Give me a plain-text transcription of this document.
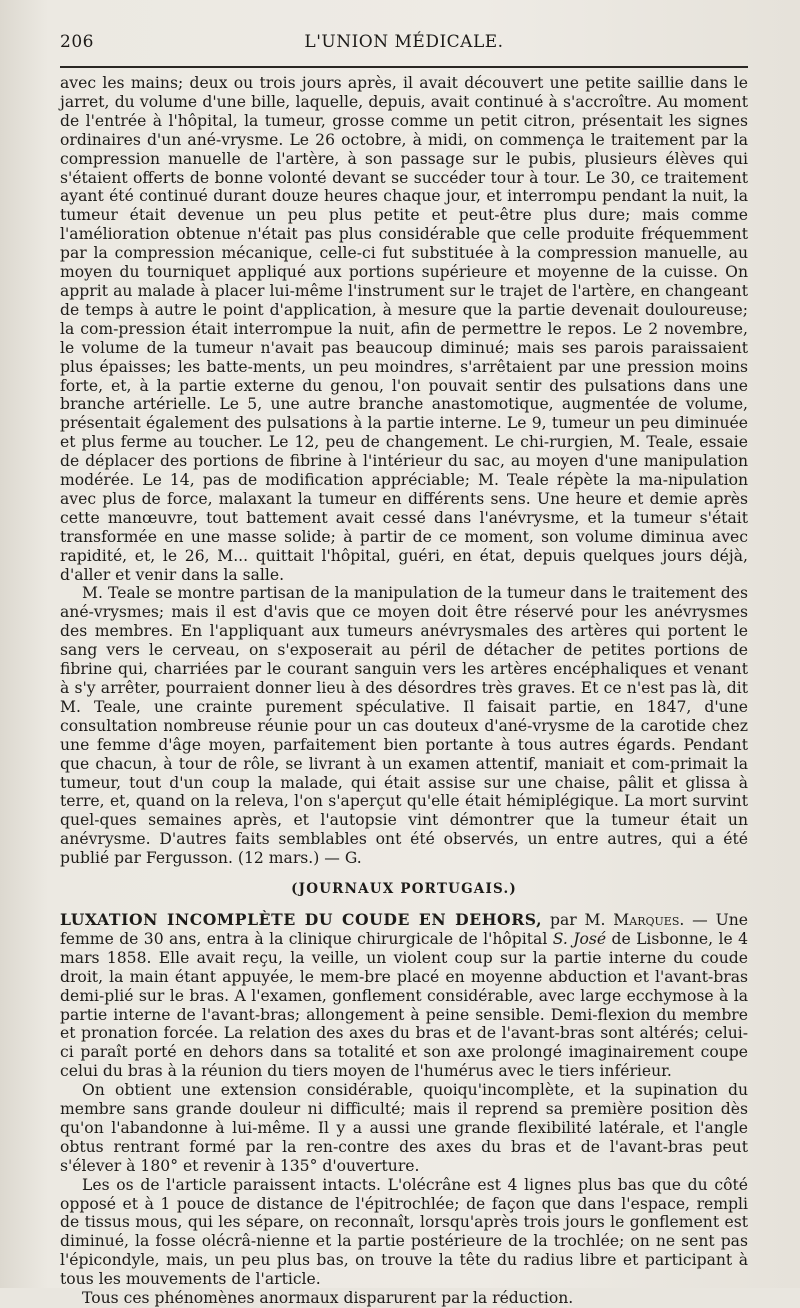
206	L'UNION MÉDICALE.

avec les mains; deux ou trois jours après, il avait découvert une petite saillie dans le jarret, du volume d'une bille, laquelle, depuis, avait continué à s'accroître. Au moment de l'entrée à l'hôpital, la tumeur, grosse comme un petit citron, présentait les signes ordinaires d'un ané-vrysme. Le 26 octobre, à midi, on commença le traitement par la compression manuelle de l'artère, à son passage sur le pubis, plusieurs élèves qui s'étaient offerts de bonne volonté devant se succéder tour à tour. Le 30, ce traitement ayant été continué durant douze heures chaque jour, et interrompu pendant la nuit, la tumeur était devenue un peu plus petite et peut-être plus dure; mais comme l'amélioration obtenue n'était pas plus considérable que celle produite fréquemment par la compression mécanique, celle-ci fut substituée à la compression manuelle, au moyen du tourniquet appliqué aux portions supérieure et moyenne de la cuisse. On apprit au malade à placer lui-même l'instrument sur le trajet de l'artère, en changeant de temps à autre le point d'application, à mesure que la partie devenait douloureuse; la com-pression était interrompue la nuit, afin de permettre le repos. Le 2 novembre, le volume de la tumeur n'avait pas beaucoup diminué; mais ses parois paraissaient plus épaisses; les batte-ments, un peu moindres, s'arrêtaient par une pression moins forte, et, à la partie externe du genou, l'on pouvait sentir des pulsations dans une branche artérielle. Le 5, une autre branche anastomotique, augmentée de volume, présentait également des pulsations à la partie interne. Le 9, tumeur un peu diminuée et plus ferme au toucher. Le 12, peu de changement. Le chi-rurgien, M. Teale, essaie de déplacer des portions de fibrine à l'intérieur du sac, au moyen d'une manipulation modérée. Le 14, pas de modification appréciable; M. Teale répète la ma-nipulation avec plus de force, malaxant la tumeur en différents sens. Une heure et demie après cette manœuvre, tout battement avait cessé dans l'anévrysme, et la tumeur s'était transformée en une masse solide; à partir de ce moment, son volume diminua avec rapidité, et, le 26, M... quittait l'hôpital, guéri, en état, depuis quelques jours déjà, d'aller et venir dans la salle.

M. Teale se montre partisan de la manipulation de la tumeur dans le traitement des ané-vrysmes; mais il est d'avis que ce moyen doit être réservé pour les anévrysmes des membres. En l'appliquant aux tumeurs anévrysmales des artères qui portent le sang vers le cerveau, on s'exposerait au péril de détacher de petites portions de fibrine qui, charriées par le courant sanguin vers les artères encéphaliques et venant à s'y arrêter, pourraient donner lieu à des désordres très graves. Et ce n'est pas là, dit M. Teale, une crainte purement spéculative. Il faisait partie, en 1847, d'une consultation nombreuse réunie pour un cas douteux d'ané-vrysme de la carotide chez une femme d'âge moyen, parfaitement bien portante à tous autres égards. Pendant que chacun, à tour de rôle, se livrant à un examen attentif, maniait et com-primait la tumeur, tout d'un coup la malade, qui était assise sur une chaise, pâlit et glissa à terre, et, quand on la releva, l'on s'aperçut qu'elle était hémiplégique. La mort survint quel-ques semaines après, et l'autopsie vint démontrer que la tumeur était un anévrysme. D'autres faits semblables ont été observés, un entre autres, qui a été publié par Fergusson. (12 mars.) — G.

(JOURNAUX PORTUGAIS.)

LUXATION INCOMPLÈTE DU COUDE EN DEHORS, par M. Marques. — Une femme de 30 ans, entra à la clinique chirurgicale de l'hôpital S. José de Lisbonne, le 4 mars 1858. Elle avait reçu, la veille, un violent coup sur la partie interne du coude droit, la main étant appuyée, le mem-bre placé en moyenne abduction et l'avant-bras demi-plié sur le bras. A l'examen, gonflement considérable, avec large ecchymose à la partie interne de l'avant-bras; allongement à peine sensible. Demi-flexion du membre et pronation forcée. La relation des axes du bras et de l'avant-bras sont altérés; celui-ci paraît porté en dehors dans sa totalité et son axe prolongé imaginairement coupe celui du bras à la réunion du tiers moyen de l'humérus avec le tiers inférieur.

On obtient une extension considérable, quoiqu'incomplète, et la supination du membre sans grande douleur ni difficulté; mais il reprend sa première position dès qu'on l'abandonne à lui-même. Il y a aussi une grande flexibilité latérale, et l'angle obtus rentrant formé par la ren-contre des axes du bras et de l'avant-bras peut s'élever à 180° et revenir à 135° d'ouverture.

Les os de l'article paraissent intacts. L'olécrâne est 4 lignes plus bas que du côté opposé et à 1 pouce de distance de l'épitrochlée; de façon que dans l'espace, rempli de tissus mous, qui les sépare, on reconnaît, lorsqu'après trois jours le gonflement est diminué, la fosse olécrâ-nienne et la partie postérieure de la trochlée; on ne sent pas l'épicondyle, mais, un peu plus bas, on trouve la tête du radius libre et participant à tous les mouvements de l'article.

Tous ces phénomènes anormaux disparurent par la réduction.
